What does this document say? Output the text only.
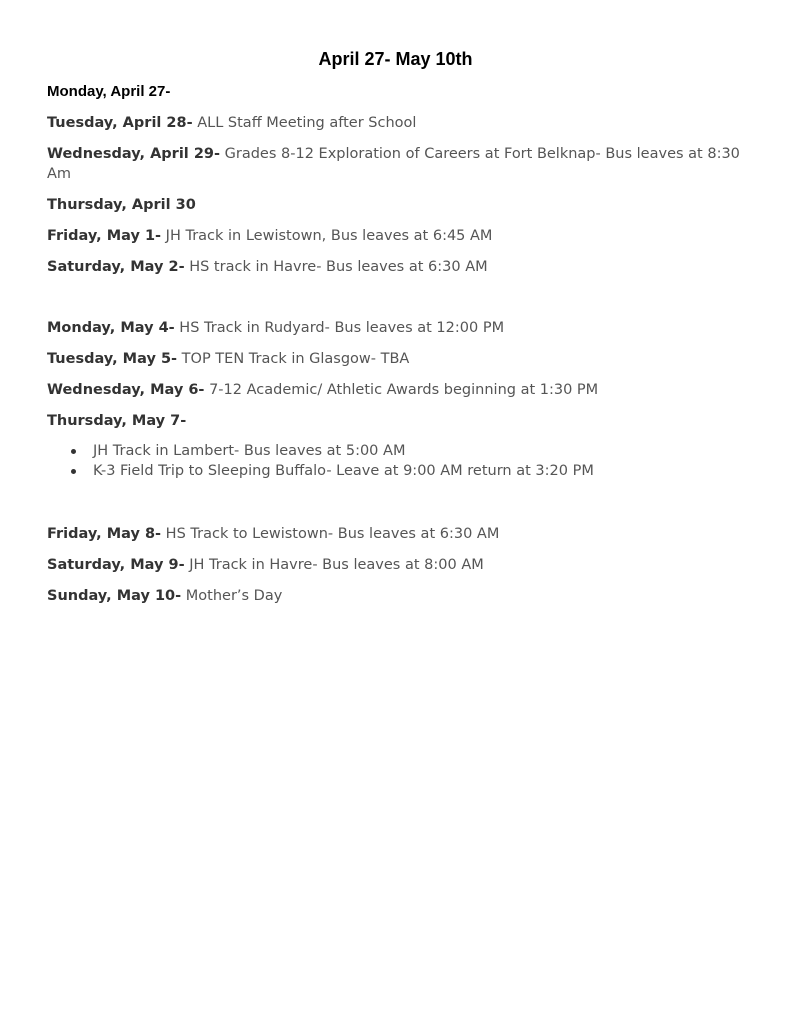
April 27- May 10th

Monday, April 27-

Tuesday, April 28- ALL Staff Meeting after School

Wednesday, April 29- Grades 8-12 Exploration of Careers at Fort Belknap- Bus leaves at 8:30 Am

Thursday, April 30

Friday, May 1- JH Track in Lewistown, Bus leaves at 6:45 AM

Saturday, May 2- HS track in Havre- Bus leaves at 6:30 AM

Monday, May 4- HS Track in Rudyard- Bus leaves at 12:00 PM

Tuesday, May 5- TOP TEN Track in Glasgow- TBA

Wednesday, May 6- 7-12 Academic/ Athletic Awards beginning at 1:30 PM

Thursday, May 7-

JH Track in Lambert- Bus leaves at 5:00 AM
K-3 Field Trip to Sleeping Buffalo- Leave at 9:00 AM return at 3:20 PM

Friday, May 8- HS Track to Lewistown- Bus leaves at 6:30 AM

Saturday, May 9- JH Track in Havre- Bus leaves at 8:00 AM

Sunday, May 10- Mother’s Day
